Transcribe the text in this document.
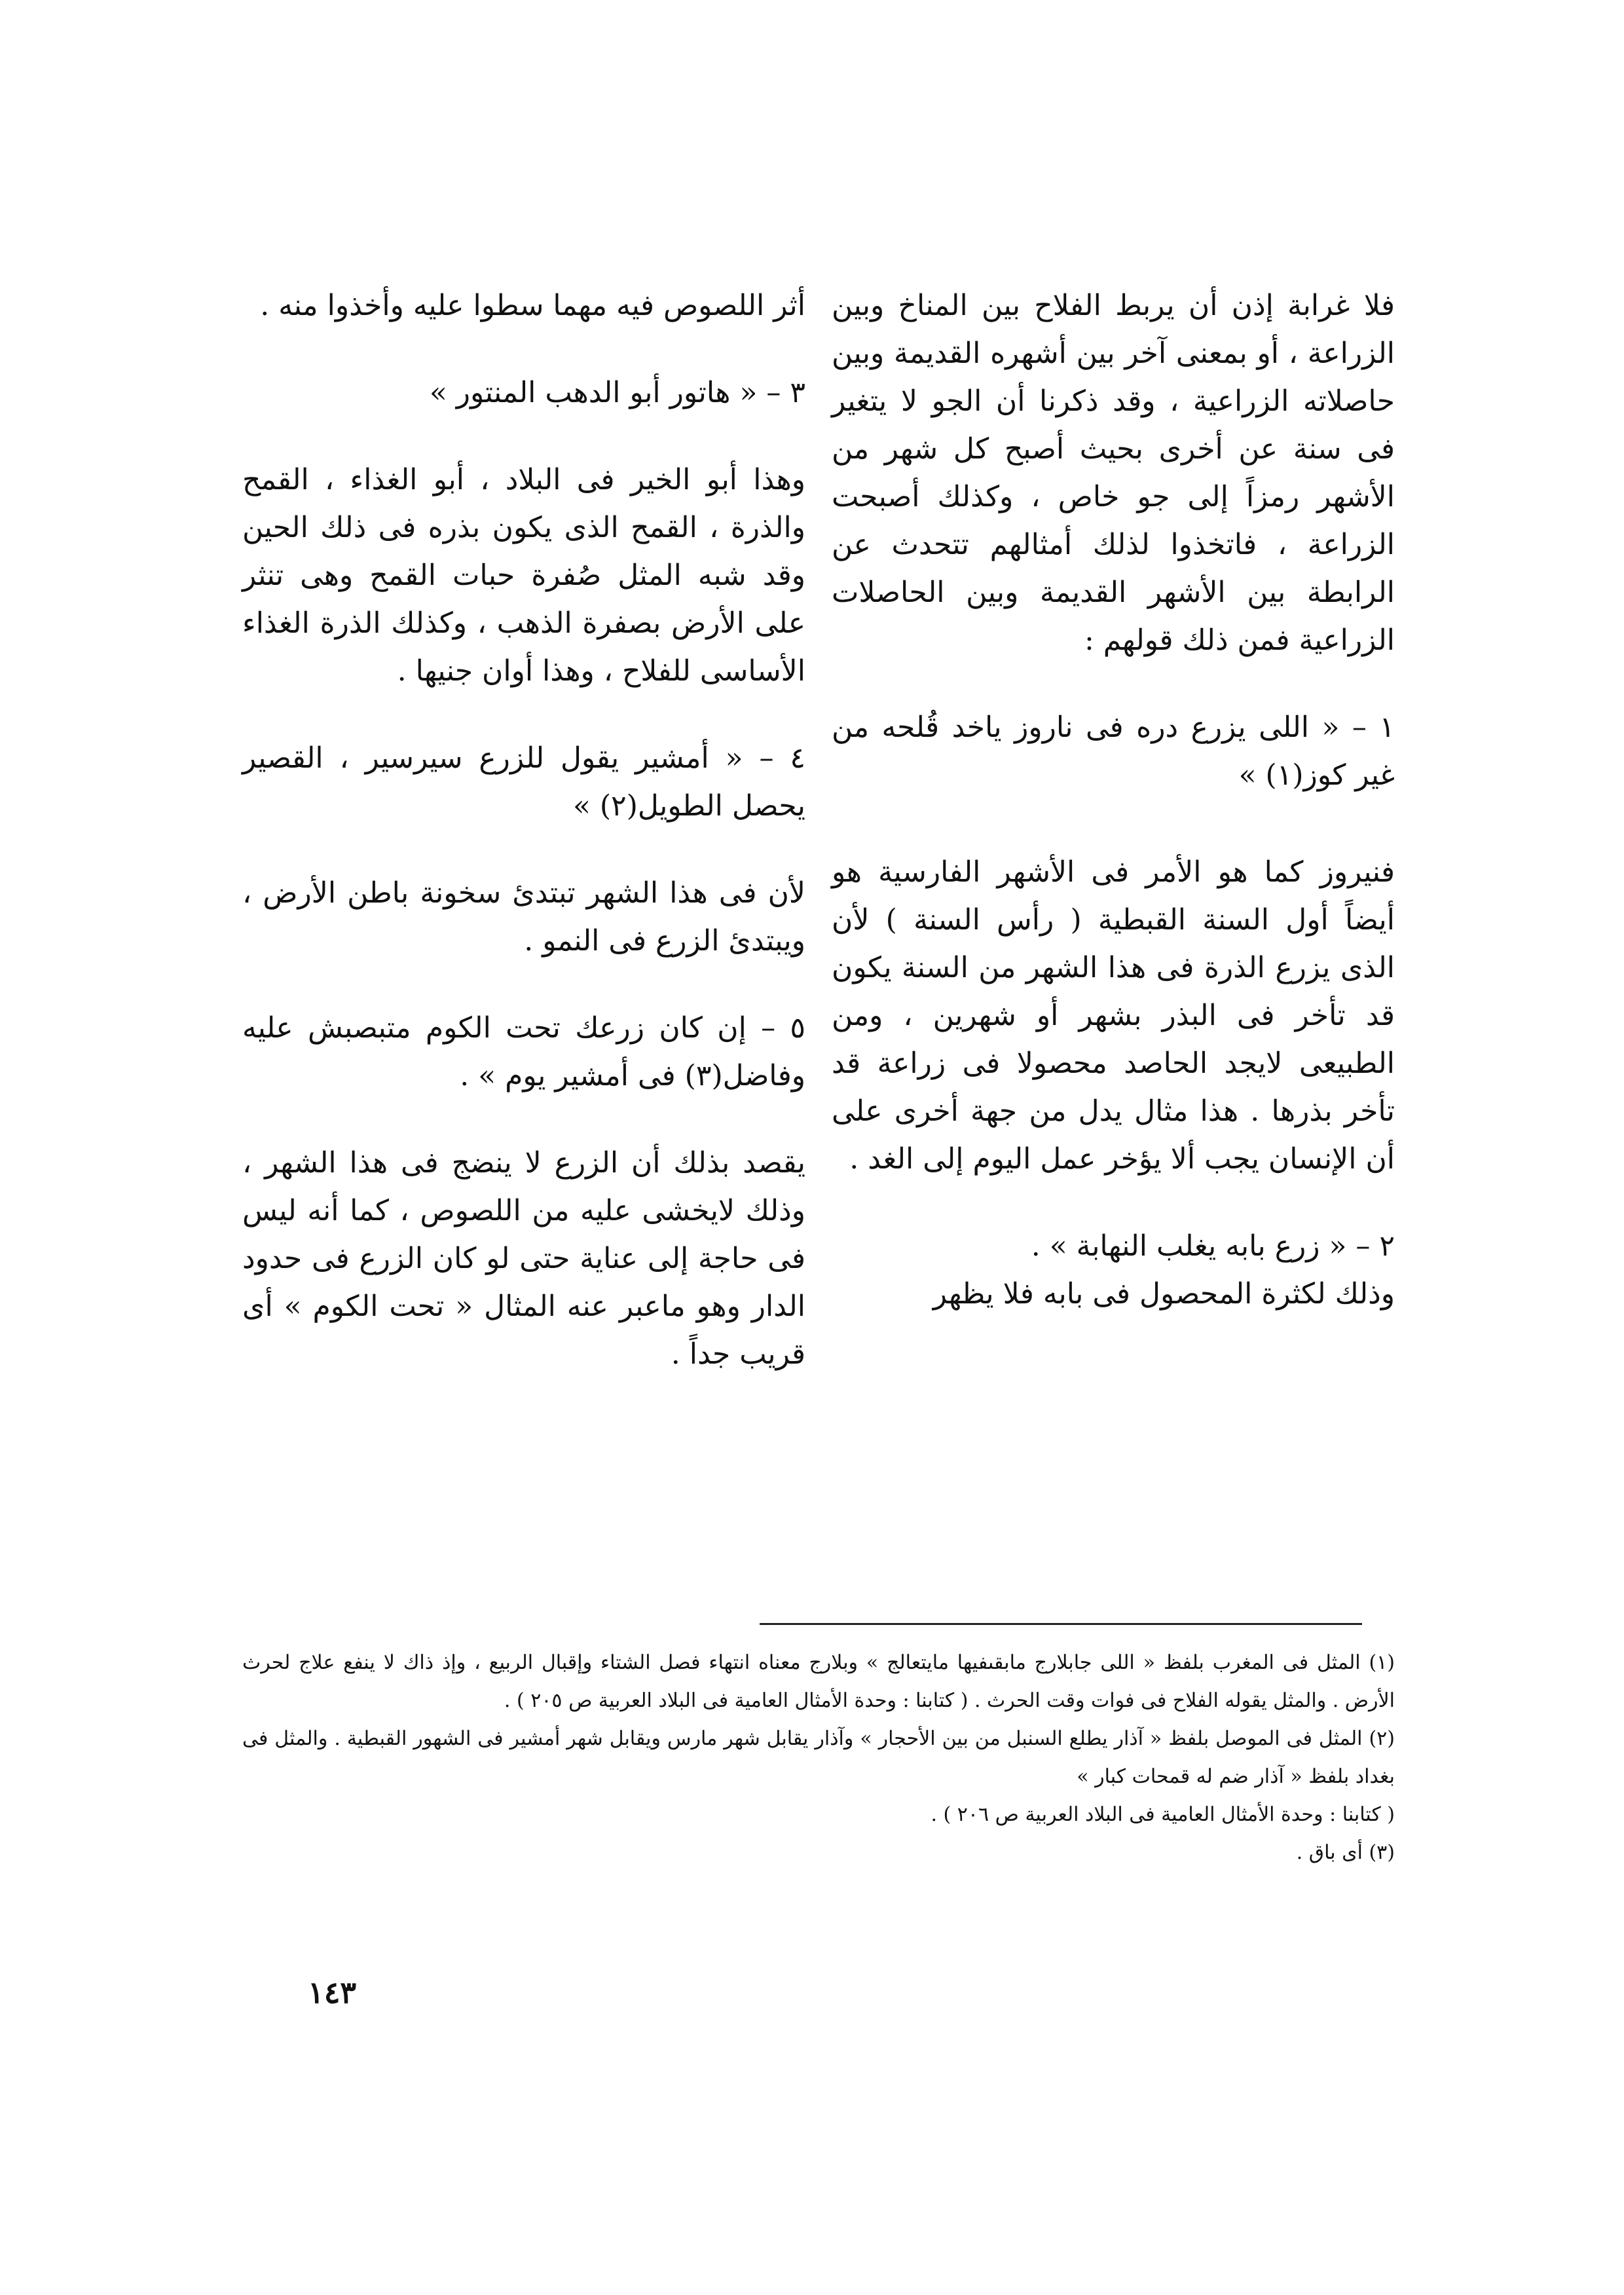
فلا غرابة إذن أن يربط الفلاح بين المناخ وبين الزراعة ، أو بمعنى آخر بين أشهره القديمة وبين حاصلاته الزراعية ، وقد ذكرنا أن الجو لا يتغير فى سنة عن أخرى بحيث أصبح كل شهر من الأشهر رمزاً إلى جو خاص ، وكذلك أصبحت الزراعة ، فاتخذوا لذلك أمثالهم تتحدث عن الرابطة بين الأشهر القديمة وبين الحاصلات الزراعية فمن ذلك قولهم :

١ – « اللى يزرع دره فى ناروز ياخد قُلحه من غير كوز(١) »

فنيروز كما هو الأمر فى الأشهر الفارسية هو أيضاً أول السنة القبطية ( رأس السنة ) لأن الذى يزرع الذرة فى هذا الشهر من السنة يكون قد تأخر فى البذر بشهر أو شهرين ، ومن الطبيعى لايجد الحاصد محصولا فى زراعة قد تأخر بذرها . هذا مثال يدل من جهة أخرى على أن الإنسان يجب ألا يؤخر عمل اليوم إلى الغد .

٢ – « زرع بابه يغلب النهابة » .

وذلك لكثرة المحصول فى بابه فلا يظهر

أثر اللصوص فيه مهما سطوا عليه وأخذوا منه .

٣ – « هاتور أبو الدهب المنتور »

وهذا أبو الخير فى البلاد ، أبو الغذاء ، القمح والذرة ، القمح الذى يكون بذره فى ذلك الحين وقد شبه المثل صُفرة حبات القمح وهى تنثر على الأرض بصفرة الذهب ، وكذلك الذرة الغذاء الأساسى للفلاح ، وهذا أوان جنيها .

٤ – « أمشير يقول للزرع سيرسير ، القصير يحصل الطويل(٢) »

لأن فى هذا الشهر تبتدئ سخونة باطن الأرض ، ويبتدئ الزرع فى النمو .

٥ – إن كان زرعك تحت الكوم متبصبش عليه وفاضل(٣) فى أمشير يوم » .

يقصد بذلك أن الزرع لا ينضج فى هذا الشهر ، وذلك لايخشى عليه من اللصوص ، كما أنه ليس فى حاجة إلى عناية حتى لو كان الزرع فى حدود الدار وهو ماعبر عنه المثال « تحت الكوم » أى قريب جداً .

(١) المثل فى المغرب بلفظ « اللى جابلارج مابقىفيها مايتعالج » وبلارج معناه انتهاء فصل الشتاء وإقبال الربيع ، وإذ ذاك لا ينفع علاج لحرث الأرض . والمثل يقوله الفلاح فى فوات وقت الحرث . ( كتابنا : وحدة الأمثال العامية فى البلاد العربية ص ٢٠٥ ) .

(٢) المثل فى الموصل بلفظ « آذار يطلع السنبل من بين الأحجار » وآذار يقابل شهر مارس ويقابل شهر أمشير فى الشهور القبطية . والمثل فى بغداد بلفظ « آذار ضم له قمحات كبار »

( كتابنا : وحدة الأمثال العامية فى البلاد العربية ص ٢٠٦ ) .

(٣) أى باق .

١٤٣
